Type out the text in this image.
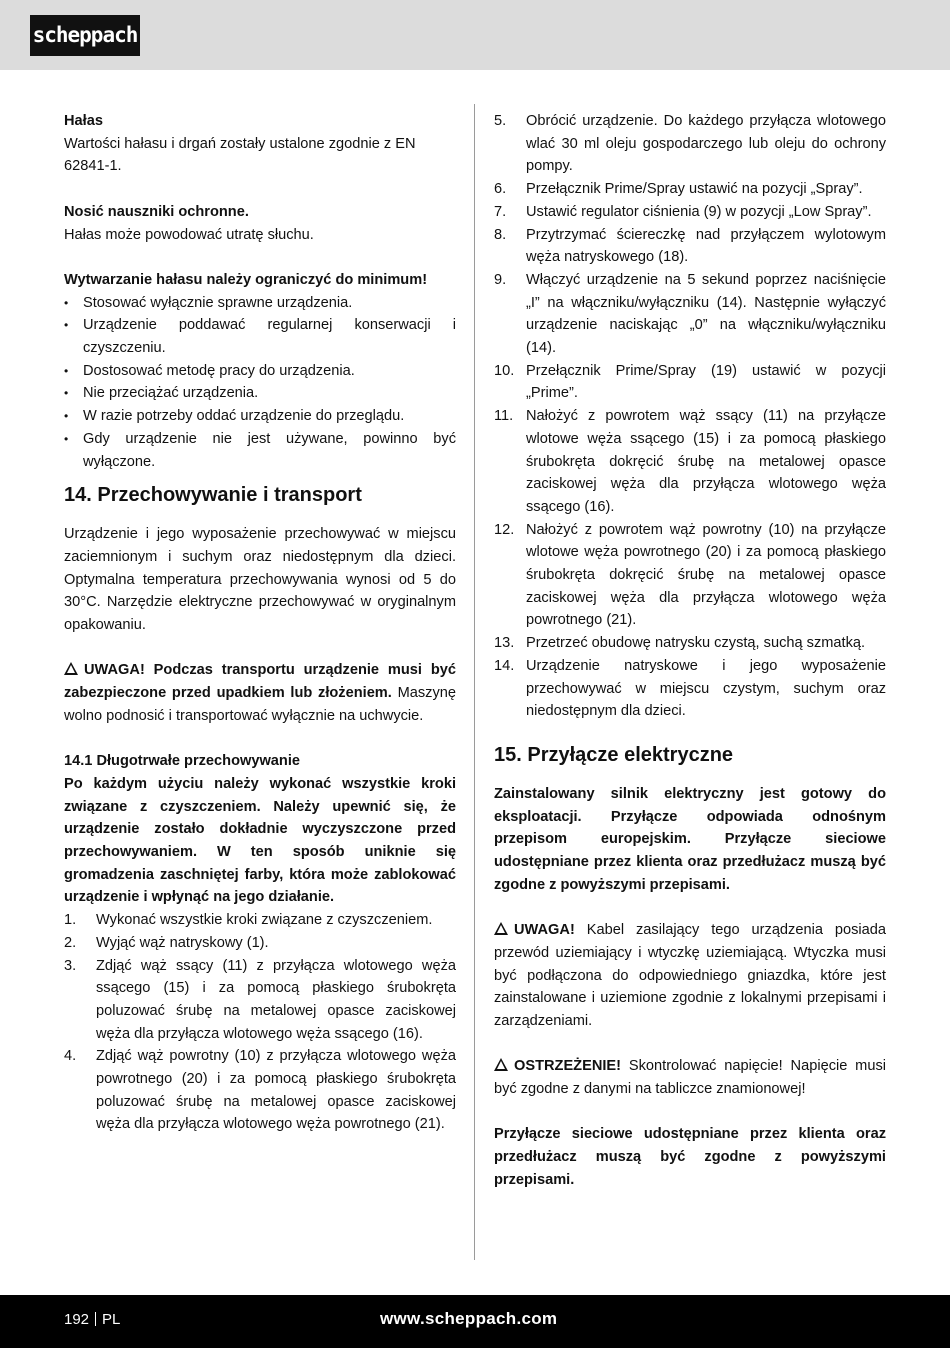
scheppach

Hałas

Wartości hałasu i drgań zostały ustalone zgodnie z EN 62841-1.

Nosić nauszniki ochronne.

Hałas może powodować utratę słuchu.

Wytwarzanie hałasu należy ograniczyć do minimum!

• Stosować wyłącznie sprawne urządzenia.
• Urządzenie poddawać regularnej konserwacji i czyszczeniu.
• Dostosować metodę pracy do urządzenia.
• Nie przeciążać urządzenia.
• W razie potrzeby oddać urządzenie do przeglądu.
• Gdy urządzenie nie jest używane, powinno być wyłączone.
14. Przechowywanie i transport

Urządzenie i jego wyposażenie przechowywać w miejscu zaciemnionym i suchym oraz niedostępnym dla dzieci. Optymalna temperatura przechowywania wynosi od 5 do 30°C. Narzędzie elektryczne przechowywać w oryginalnym opakowaniu.

UWAGA! Podczas transportu urządzenie musi być zabezpieczone przed upadkiem lub złożeniem. Maszynę wolno podnosić i transportować wyłącznie na uchwycie.

14.1 Długotrwałe przechowywanie

Po każdym użyciu należy wykonać wszystkie kroki związane z czyszczeniem. Należy upewnić się, że urządzenie zostało dokładnie wyczyszczone przed przechowywaniem. W ten sposób uniknie się gromadzenia zaschniętej farby, która może zablokować urządzenie i wpłynąć na jego działanie.

1. Wykonać wszystkie kroki związane z czyszczeniem.
2. Wyjąć wąż natryskowy (1).
3. Zdjąć wąż ssący (11) z przyłącza wlotowego węża ssącego (15) i za pomocą płaskiego śrubokręta poluzować śrubę na metalowej opasce zaciskowej węża dla przyłącza wlotowego węża ssącego (16).
4. Zdjąć wąż powrotny (10) z przyłącza wlotowego węża powrotnego (20) i za pomocą płaskiego śrubokręta poluzować śrubę na metalowej opasce zaciskowej węża dla przyłącza wlotowego węża powrotnego (21).
5. Obrócić urządzenie. Do każdego przyłącza wlotowego wlać 30 ml oleju gospodarczego lub oleju do ochrony pompy.
6. Przełącznik Prime/Spray ustawić na pozycji „Spray”.
7. Ustawić regulator ciśnienia (9) w pozycji „Low Spray”.
8. Przytrzymać ściereczkę nad przyłączem wylotowym węża natryskowego (18).
9. Włączyć urządzenie na 5 sekund poprzez naciśnięcie „I” na włączniku/wyłączniku (14). Następnie wyłączyć urządzenie naciskając „0” na włączniku/wyłączniku (14).
10. Przełącznik Prime/Spray (19) ustawić w pozycji „Prime”.
11. Nałożyć z powrotem wąż ssący (11) na przyłącze wlotowe węża ssącego (15) i za pomocą płaskiego śrubokręta dokręcić śrubę na metalowej opasce zaciskowej węża dla przyłącza wlotowego węża ssącego (16).
12. Nałożyć z powrotem wąż powrotny (10) na przyłącze wlotowe węża powrotnego (20) i za pomocą płaskiego śrubokręta dokręcić śrubę na metalowej opasce zaciskowej węża dla przyłącza wlotowego węża powrotnego (21).
13. Przetrzeć obudowę natrysku czystą, suchą szmatką.
14. Urządzenie natryskowe i jego wyposażenie przechowywać w miejscu czystym, suchym oraz niedostępnym dla dzieci.
15. Przyłącze elektryczne

Zainstalowany silnik elektryczny jest gotowy do eksploatacji. Przyłącze odpowiada odnośnym przepisom europejskim. Przyłącze sieciowe udostępniane przez klienta oraz przedłużacz muszą być zgodne z powyższymi przepisami.

UWAGA! Kabel zasilający tego urządzenia posiada przewód uziemiający i wtyczkę uziemiającą. Wtyczka musi być podłączona do odpowiedniego gniazdka, które jest zainstalowane i uziemione zgodnie z lokalnymi przepisami i zarządzeniami.

OSTRZEŻENIE! Skontrolować napięcie! Napięcie musi być zgodne z danymi na tabliczce znamionowej!

Przyłącze sieciowe udostępniane przez klienta oraz przedłużacz muszą być zgodne z powyższymi przepisami.

192 PL	www.scheppach.com
